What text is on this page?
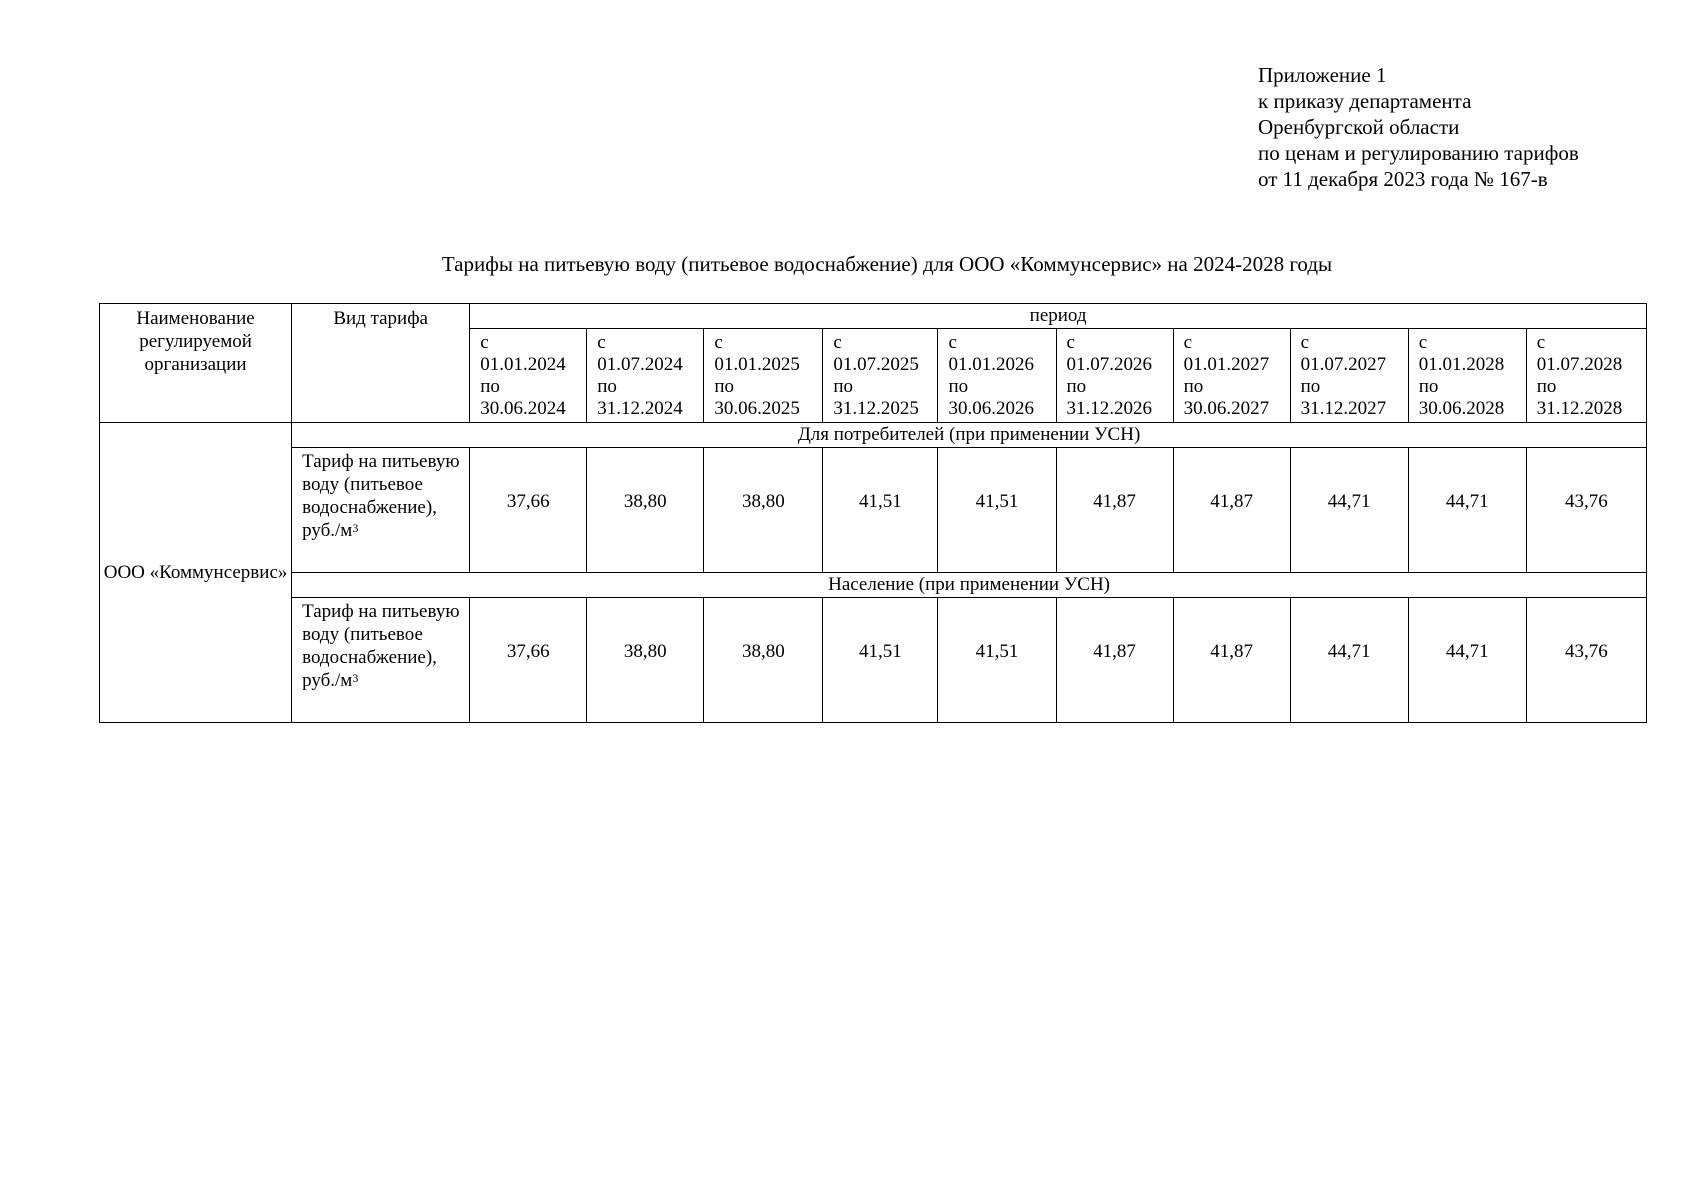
Приложение 1
к приказу департамента
Оренбургской области
по ценам и регулированию тарифов
от 11 декабря 2023 года № 167-в
Тарифы на питьевую воду (питьевое водоснабжение) для ООО «Коммунсервис» на 2024-2028 годы
Наименование регулируемой организации	Вид тарифа	период									

		с
01.01.2024
по
30.06.2024	с
01.07.2024
по
31.12.2024	с
01.01.2025
по
30.06.2025	с
01.07.2025
по
31.12.2025	с
01.01.2026
по
30.06.2026	с
01.07.2026
по
31.12.2026	с
01.01.2027
по
30.06.2027	с
01.07.2027
по
31.12.2027	с
01.01.2028
по
30.06.2028	с
01.07.2028
по
31.12.2028

ООО «Коммунсервис»	Для потребителей (при применении УСН)										
	Тариф на питьевую воду (питьевое водоснабжение), $руб./м^3$	37,66	38,80	38,80	41,51	41,51	41,87	41,87	44,71	44,71	43,76
	Население (при применении УСН)										
	Тариф на питьевую воду (питьевое водоснабжение), $руб./м^3$	37,66	38,80	38,80	41,51	41,51	41,87	41,87	44,71	44,71	43,76
